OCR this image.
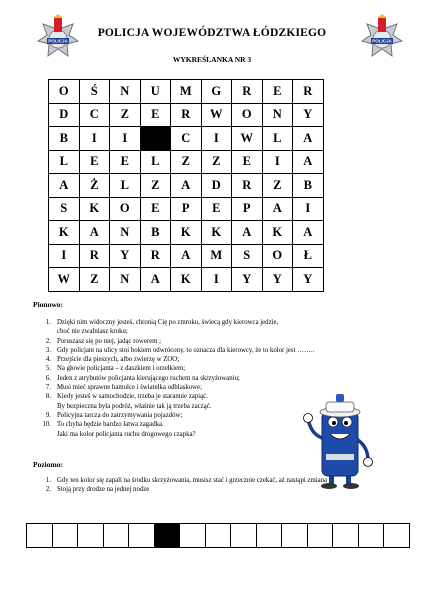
POLICJA	POLICJA
POLICJA WOJEWÓDZTWA ŁÓDZKIEGO
WYKREŚLANKA NR 3
O	Ś	N	U	M	G	R	E	R
D	C	Z	E	R	W	O	N	Y
B	I	I		C	I	W	L	A
L	E	E	L	Z	Z	E	I	A
A	Ż	L	Z	A	D	R	Z	B
S	K	O	E	P	E	P	A	I
K	A	N	B	K	K	A	K	A
I	R	Y	R	A	M	S	O	Ł
W	Z	N	A	K	I	Y	Y	Y
Pionowo:
1. Dzięki nim widoczny jesteś, chronią Cię po zmroku, świecą gdy kierowca jedzie,
choć nie zwalniasz kroku;
2. Poruszasz się po niej, jadąc rowerem ;
3. Gdy policjant na ulicy stoi bokiem odwrócony, to oznacza dla kierowcy, że to kolor jest ……..
4. Przejście dla pieszych, albo zwierzę w ZOO;
5. Na głowie policjanta – z daszkiem i orzełkiem;
6. Jeden z atrybutów policjanta kierującego ruchem na skrzyżowaniu;
7. Musi mieć sprawne hamulce i światełka odblaskowe;
8. Kiedy jesteś w samochodzie, trzeba je starannie zapiąć.
By bezpieczna była podróż, właśnie tak ją trzeba zacząć.
9. Policyjna tarcza do zatrzymywania pojazdów;
10. To chyba będzie bardzo łatwa zagadka.
Jaki ma kolor policjanta ruchu drogowego czapka?
Poziomo:
1. Gdy ten kolor się zapali na środku skrzyżowania, musisz stać i grzecznie czekać, aż nastąpi zmiana
2. Stoją przy drodze na jednej nodze
